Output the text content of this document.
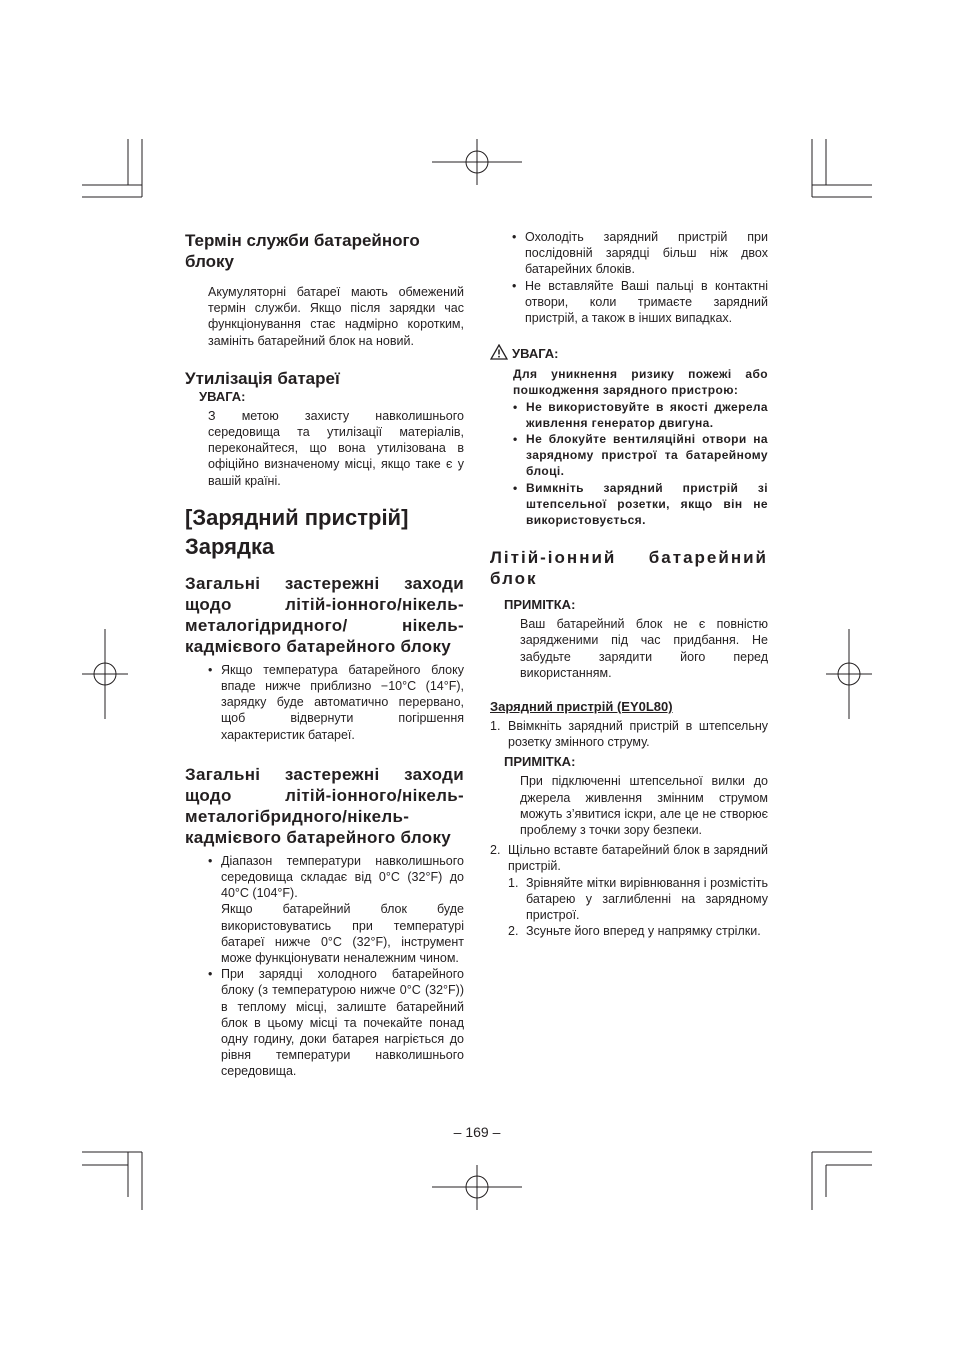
Термін служби батарейного блоку

Акумуляторні батареї мають обмежений термін служби. Якщо після зарядки час функціонування стає надмірно коротким, замініть батарейний блок на новий.

Утилізація батареї
УВАГА:

З метою захисту навколишнього середовища та утилізації матеріалів, переконайтеся, що вона утилізована в офіційно визначеному місці, якщо таке є у вашій країні.

[Зарядний пристрій]
Зарядка
Загальні застережні заходи щодо літій-іонного/нікель-металогідридного/ нікель-кадмієвого батарейного блоку
• Якщо температура батарейного блоку впаде нижче приблизно −10°C (14°F), зарядку буде автоматично перервано, щоб відвернути погіршення характеристик батареї.
Загальні застережні заходи щодо літій-іонного/нікель-металогібридного/нікель-кадмієвого батарейного блоку
• Діапазон температури навколишнього середовища складає від 0°C (32°F) до 40°C (104°F).
Якщо батарейний блок буде використовуватись при температурі батареї нижче 0°C (32°F), інструмент може функціонувати неналежним чином.
• При зарядці холодного батарейного блоку (з температурою нижче 0°C (32°F)) в теплому місці, залиште батарейний блок в цьому місці та почекайте понад одну годину, доки батарея нагріється до рівня температури навколишнього середовища.
• Охолодіть зарядний пристрій при послідовній зарядці більш ніж двох батарейних блоків.
• Не вставляйте Ваші пальці в контактні отвори, коли тримаєте зарядний пристрій, а також в інших випадках.
УВАГА:
Для уникнення ризику пожежі або пошкодження зарядного пристрою:
• Не використовуйте в якості джерела живлення генератор двигуна.
• Не блокуйте вентиляційні отвори на зарядному пристрої та батарейному блоці.
• Вимкніть зарядний пристрій зі штепсельної розетки, якщо він не використовується.
Літій-іонний батарейний блок
ПРИМІТКА:

Ваш батарейний блок не є повністю зарядженими під час придбання. Не забудьте зарядити його перед використанням.

Зарядний пристрій (EY0L80)
1. Ввімкніть зарядний пристрій в штепсельну розетку змінного струму.
ПРИМІТКА:

При підключенні штепсельної вилки до джерела живлення змінним струмом можуть з’явитися іскри, але це не створює проблему з точки зору безпеки.

2. Щільно вставте батарейний блок в зарядний пристрій.
1. Зрівняйте мітки вирівнювання і розмістіть батарею у заглибленні на зарядному пристрої.
2. Зсуньте його вперед у напрямку стрілки.
– 169 –
